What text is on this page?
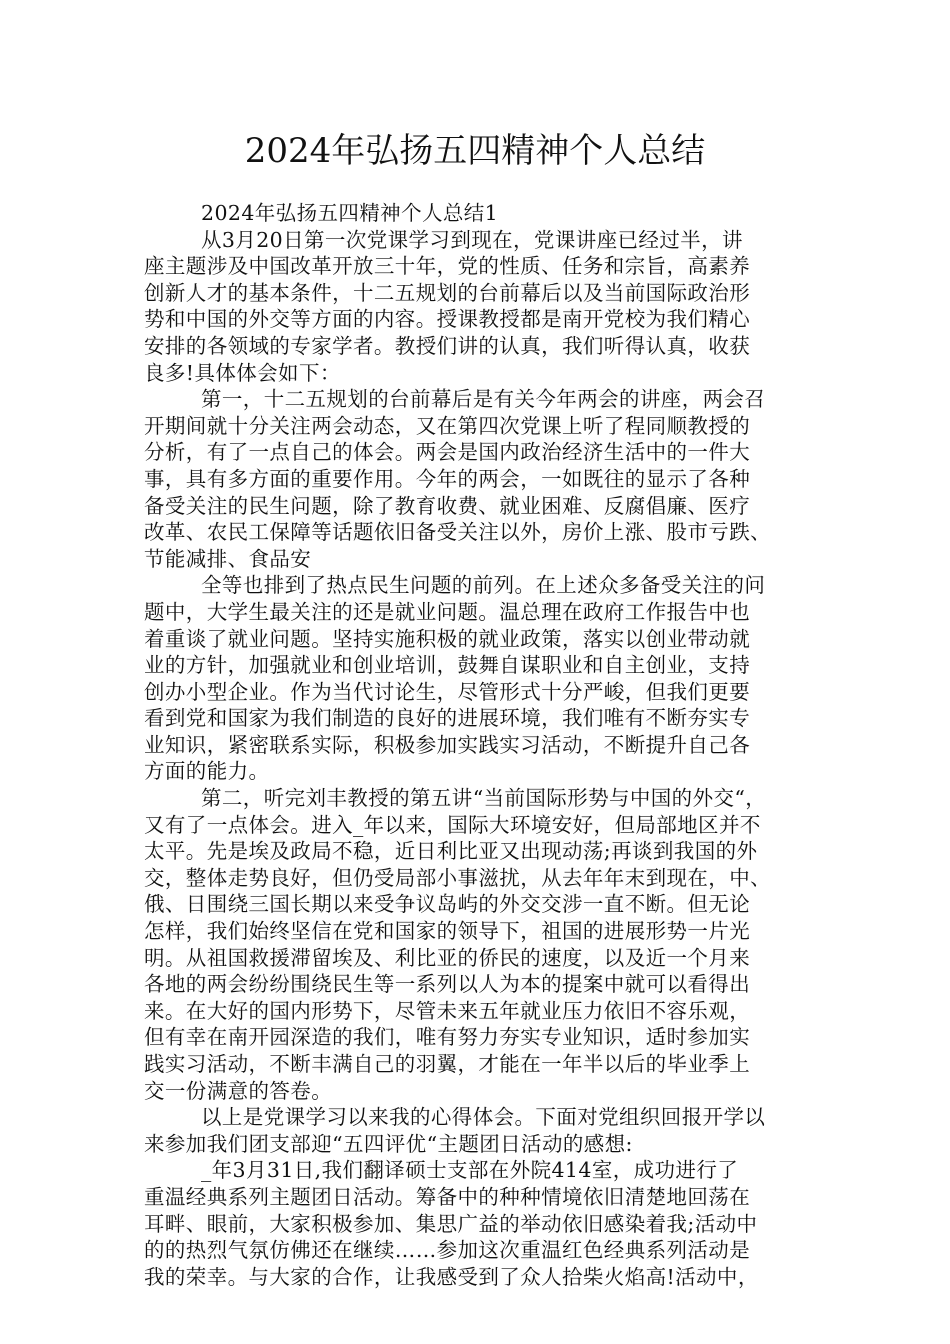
2024年弘扬五四精神个人总结
2024年弘扬五四精神个人总结1
从3月20日第一次党课学习到现在，党课讲座已经过半，讲
座主题涉及中国改革开放三十年，党的性质、任务和宗旨，高素养
创新人才的基本条件，十二五规划的台前幕后以及当前国际政治形
势和中国的外交等方面的内容。授课教授都是南开党校为我们精心
安排的各领域的专家学者。教授们讲的认真，我们听得认真，收获
良多!具体体会如下：
第一，十二五规划的台前幕后是有关今年两会的讲座，两会召
开期间就十分关注两会动态，又在第四次党课上听了程同顺教授的
分析，有了一点自己的体会。两会是国内政治经济生活中的一件大
事，具有多方面的重要作用。今年的两会，一如既往的显示了各种
备受关注的民生问题，除了教育收费、就业困难、反腐倡廉、医疗
改革、农民工保障等话题依旧备受关注以外，房价上涨、股市亏跌、
节能减排、食品安
全等也排到了热点民生问题的前列。在上述众多备受关注的问
题中，大学生最关注的还是就业问题。温总理在政府工作报告中也
着重谈了就业问题。坚持实施积极的就业政策，落实以创业带动就
业的方针，加强就业和创业培训，鼓舞自谋职业和自主创业，支持
创办小型企业。作为当代讨论生，尽管形式十分严峻，但我们更要
看到党和国家为我们制造的良好的进展环境，我们唯有不断夯实专
业知识，紧密联系实际，积极参加实践实习活动，不断提升自己各
方面的能力。
第二，听完刘丰教授的第五讲“当前国际形势与中国的外交“，
又有了一点体会。进入_年以来，国际大环境安好，但局部地区并不
太平。先是埃及政局不稳，近日利比亚又出现动荡;再谈到我国的外
交，整体走势良好，但仍受局部小事滋扰，从去年年末到现在，中、
俄、日围绕三国长期以来受争议岛屿的外交交涉一直不断。但无论
怎样，我们始终坚信在党和国家的领导下，祖国的进展形势一片光
明。从祖国救援滞留埃及、利比亚的侨民的速度，以及近一个月来
各地的两会纷纷围绕民生等一系列以人为本的提案中就可以看得出
来。在大好的国内形势下，尽管未来五年就业压力依旧不容乐观，
但有幸在南开园深造的我们，唯有努力夯实专业知识，适时参加实
践实习活动，不断丰满自己的羽翼，才能在一年半以后的毕业季上
交一份满意的答卷。
以上是党课学习以来我的心得体会。下面对党组织回报开学以
来参加我们团支部迎“五四评优“主题团日活动的感想:
_年3月31日,我们翻译硕士支部在外院414室，成功进行了
重温经典系列主题团日活动。筹备中的种种情境依旧清楚地回荡在
耳畔、眼前，大家积极参加、集思广益的举动依旧感染着我;活动中
的的热烈气氛仿佛还在继续……参加这次重温红色经典系列活动是
我的荣幸。与大家的合作，让我感受到了众人拾柴火焰高!活动中，
